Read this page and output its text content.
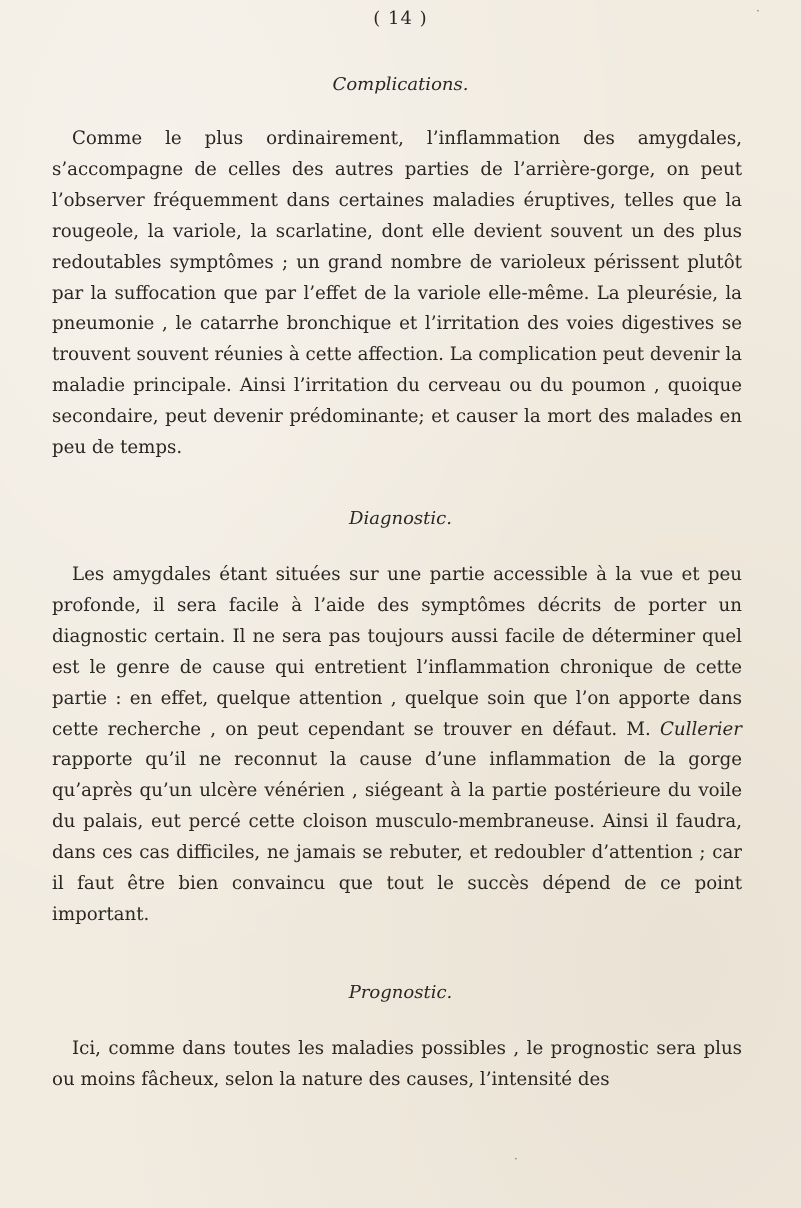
( 14 )
Complications.

Comme le plus ordinairement, l’inflammation des amygdales, s’accompagne de celles des autres parties de l’arrière-gorge, on peut l’observer fréquemment dans certaines maladies éruptives, telles que la rougeole, la variole, la scarlatine, dont elle devient souvent un des plus redoutables symptômes ; un grand nombre de varioleux périssent plutôt par la suffocation que par l’effet de la variole elle-même. La pleurésie, la pneumonie , le catarrhe bronchique et l’irritation des voies digestives se trouvent souvent réunies à cette affection. La complication peut devenir la maladie principale. Ainsi l’irritation du cerveau ou du poumon , quoique secondaire, peut devenir prédominante; et causer la mort des malades en peu de temps.

Diagnostic.

Les amygdales étant situées sur une partie accessible à la vue et peu profonde, il sera facile à l’aide des symptômes décrits de porter un diagnostic certain. Il ne sera pas toujours aussi facile de déterminer quel est le genre de cause qui entretient l’inflammation chronique de cette partie : en effet, quelque attention , quelque soin que l’on apporte dans cette recherche , on peut cependant se trouver en défaut. M. Cullerier rapporte qu’il ne reconnut la cause d’une inflammation de la gorge qu’après qu’un ulcère vénérien , siégeant à la partie postérieure du voile du palais, eut percé cette cloison musculo-membraneuse. Ainsi il faudra, dans ces cas difficiles, ne jamais se rebuter, et redoubler d’attention ; car il faut être bien convaincu que tout le succès dépend de ce point important.

Prognostic.

Ici, comme dans toutes les maladies possibles , le prognostic sera plus ou moins fâcheux, selon la nature des causes, l’intensité des

·
·
